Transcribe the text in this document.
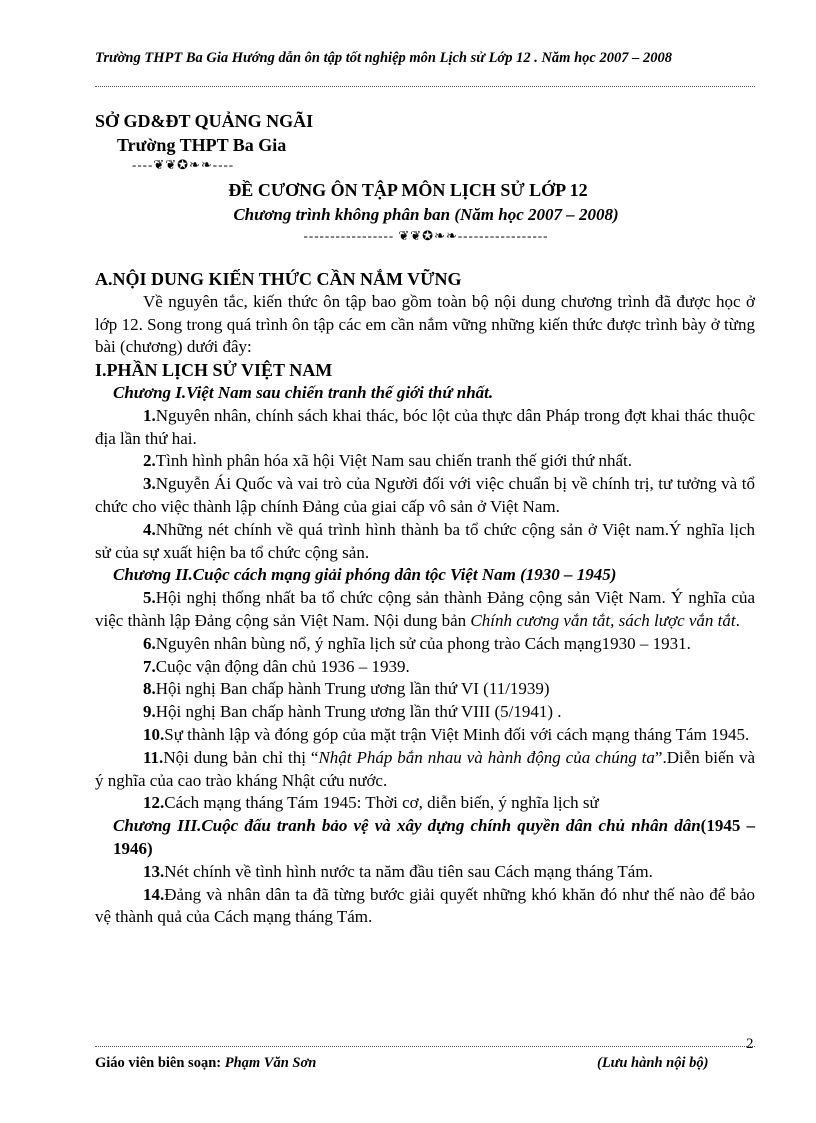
Trường THPT Ba Gia Hướng dẫn ôn tập tốt nghiệp môn Lịch sử Lớp 12 . Năm học 2007 – 2008
SỞ GD&ĐT QUẢNG NGÃI
Trường THPT Ba Gia
----❦❦✪❧❧----
ĐỀ CƯƠNG ÔN TẬP MÔN LỊCH SỬ LỚP 12
Chương trình không phân ban (Năm học 2007 – 2008)
----------------- ❦❦✪❧❧-----------------

A.NỘI DUNG KIẾN THỨC CẦN NẮM VỮNG

Về nguyên tắc, kiến thức ôn tập bao gồm toàn bộ nội dung chương trình đã được học ở lớp 12. Song trong quá trình ôn tập các em cần nắm vững những kiến thức được trình bày ở từng bài (chương) dưới đây:

I.PHẦN LỊCH SỬ VIỆT NAM

Chương I.Việt Nam sau chiến tranh thế giới thứ nhất.

1.Nguyên nhân, chính sách khai thác, bóc lột của thực dân Pháp trong đợt khai thác thuộc địa lần thứ hai.

2.Tình hình phân hóa xã hội Việt Nam sau chiến tranh thế giới thứ nhất.

3.Nguyễn Ái Quốc và vai trò của Người đối với việc chuẩn bị về chính trị, tư tưởng và tổ chức cho việc thành lập chính Đảng của giai cấp vô sản ở Việt Nam.

4.Những nét chính về quá trình hình thành ba tổ chức cộng sản ở Việt nam.Ý nghĩa lịch sử của sự xuất hiện ba tổ chức cộng sản.

Chương II.Cuộc cách mạng giải phóng dân tộc Việt Nam (1930 – 1945)

5.Hội nghị thống nhất ba tổ chức cộng sản thành Đảng cộng sản Việt Nam. Ý nghĩa của việc thành lập Đảng cộng sản Việt Nam. Nội dung bản Chính cương vắn tắt, sách lược vắn tắt.

6.Nguyên nhân bùng nổ, ý nghĩa lịch sử của phong trào Cách mạng1930 – 1931.

7.Cuộc vận động dân chủ 1936 – 1939.

8.Hội nghị Ban chấp hành Trung ương lần thứ VI (11/1939)

9.Hội nghị Ban chấp hành Trung ương lần thứ VIII (5/1941) .

10.Sự thành lập và đóng góp của mặt trận Việt Minh đối với cách mạng tháng Tám 1945.

11.Nội dung bản chỉ thị “Nhật Pháp bắn nhau và hành động của chúng ta”.Diễn biến và ý nghĩa của cao trào kháng Nhật cứu nước.

12.Cách mạng tháng Tám 1945: Thời cơ, diễn biến, ý nghĩa lịch sử

Chương III.Cuộc đấu tranh bảo vệ và xây dựng chính quyền dân chủ nhân dân(1945 – 1946)

13.Nét chính về tình hình nước ta năm đầu tiên sau Cách mạng tháng Tám.

14.Đảng và nhân dân ta đã từng bước giải quyết những khó khăn đó như thế nào để bảo vệ thành quả của Cách mạng tháng Tám.

2
Giáo viên biên soạn: Phạm Văn Sơn	(Lưu hành nội bộ)
